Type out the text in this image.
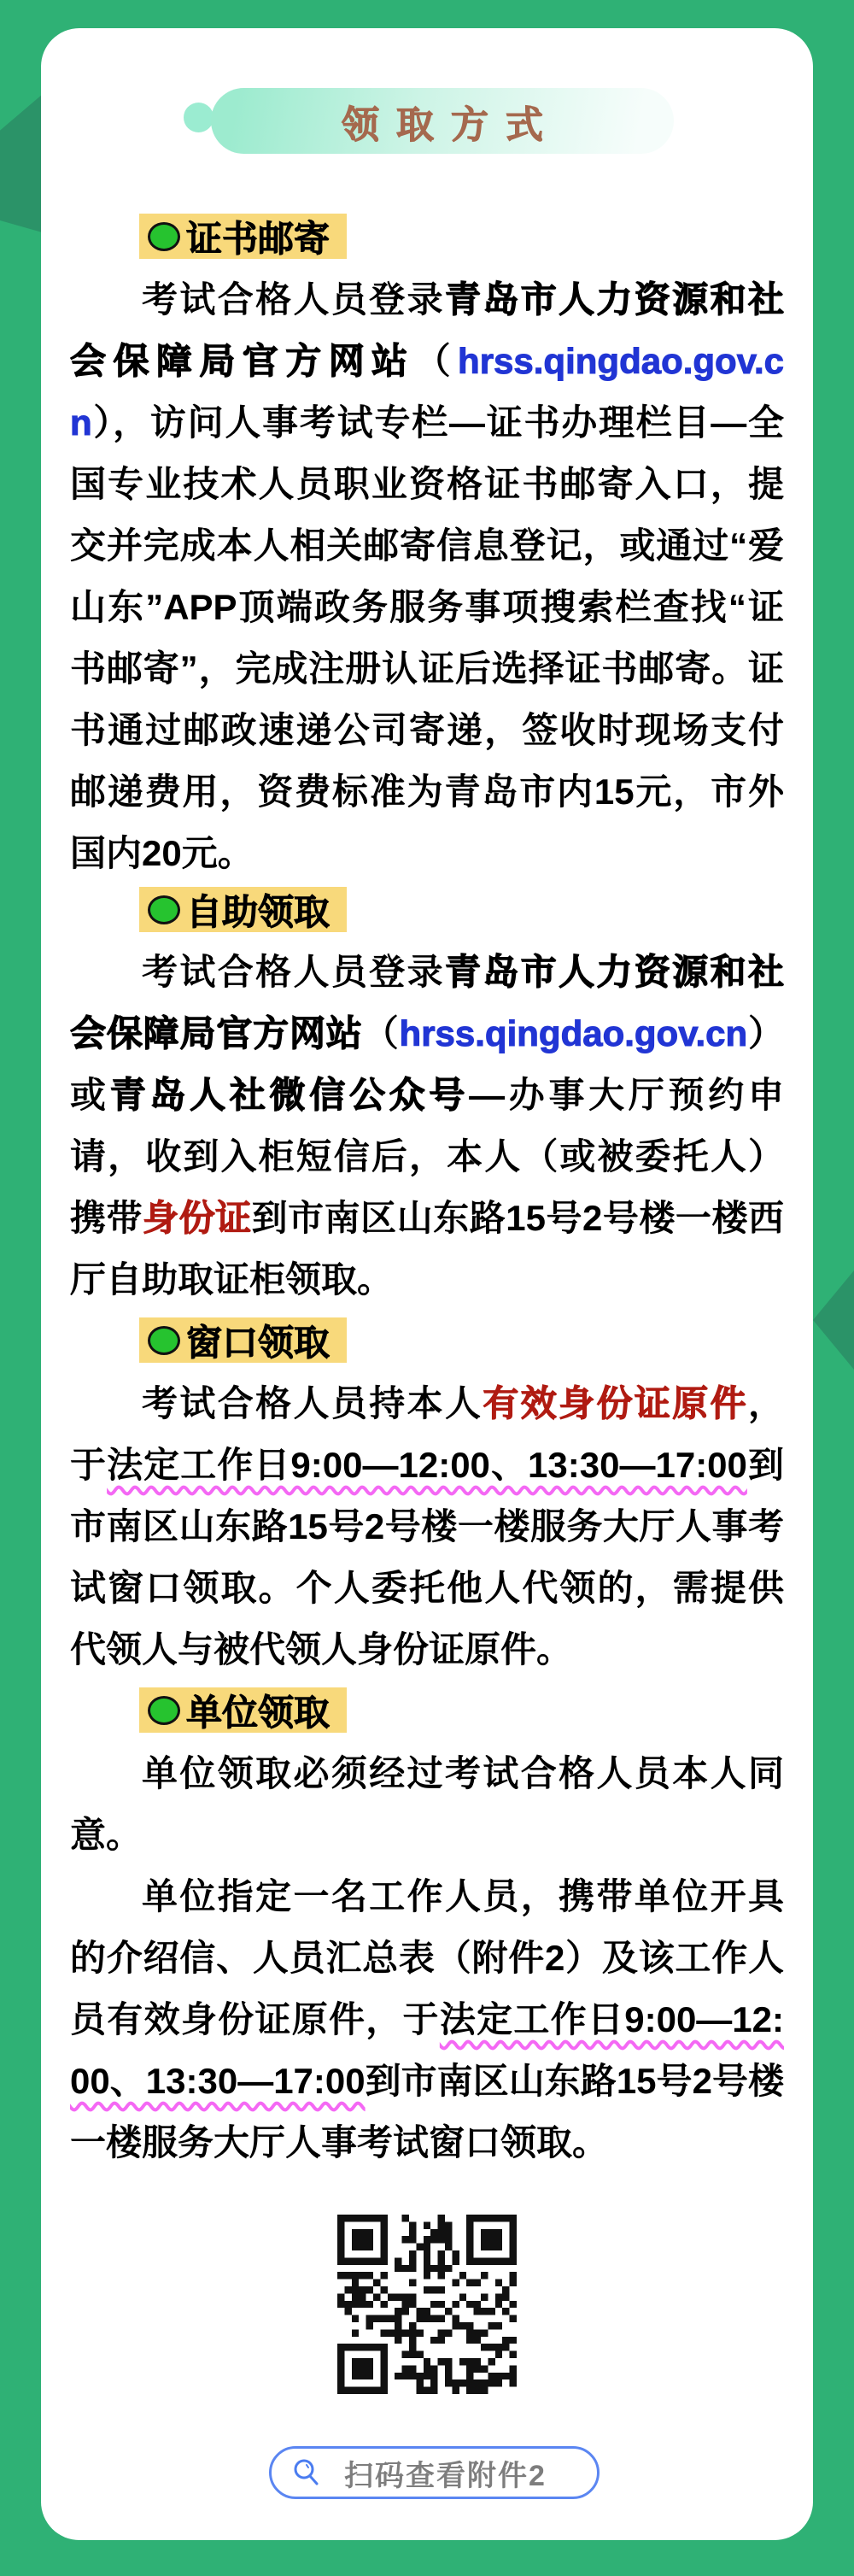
领取方式
证书邮寄

考试合格人员登录青岛市人力资源和社会保障局官方网站（hrss.qingdao.gov.cn），访问人事考试专栏—证书办理栏目—全国专业技术人员职业资格证书邮寄入口，提交并完成本人相关邮寄信息登记，或通过“爱山东”APP顶端政务服务事项搜索栏查找“证书邮寄”，完成注册认证后选择证书邮寄。证书通过邮政速递公司寄递，签收时现场支付邮递费用，资费标准为青岛市内15元，市外国内20元。

自助领取

考试合格人员登录青岛市人力资源和社会保障局官方网站（hrss.qingdao.gov.cn）或青岛人社微信公众号—办事大厅预约申请，收到入柜短信后，本人（或被委托人）携带身份证到市南区山东路15号2号楼一楼西厅自助取证柜领取。

窗口领取

考试合格人员持本人有效身份证原件，于法定工作日9:00—12:00、13:30—17:00到市南区山东路15号2号楼一楼服务大厅人事考试窗口领取。个人委托他人代领的，需提供代领人与被代领人身份证原件。

单位领取

单位领取必须经过考试合格人员本人同意。

单位指定一名工作人员，携带单位开具的介绍信、人员汇总表（附件2）及该工作人员有效身份证原件，于法定工作日9:00—12:00、13:30—17:00到市南区山东路15号2号楼一楼服务大厅人事考试窗口领取。

扫码查看附件2
